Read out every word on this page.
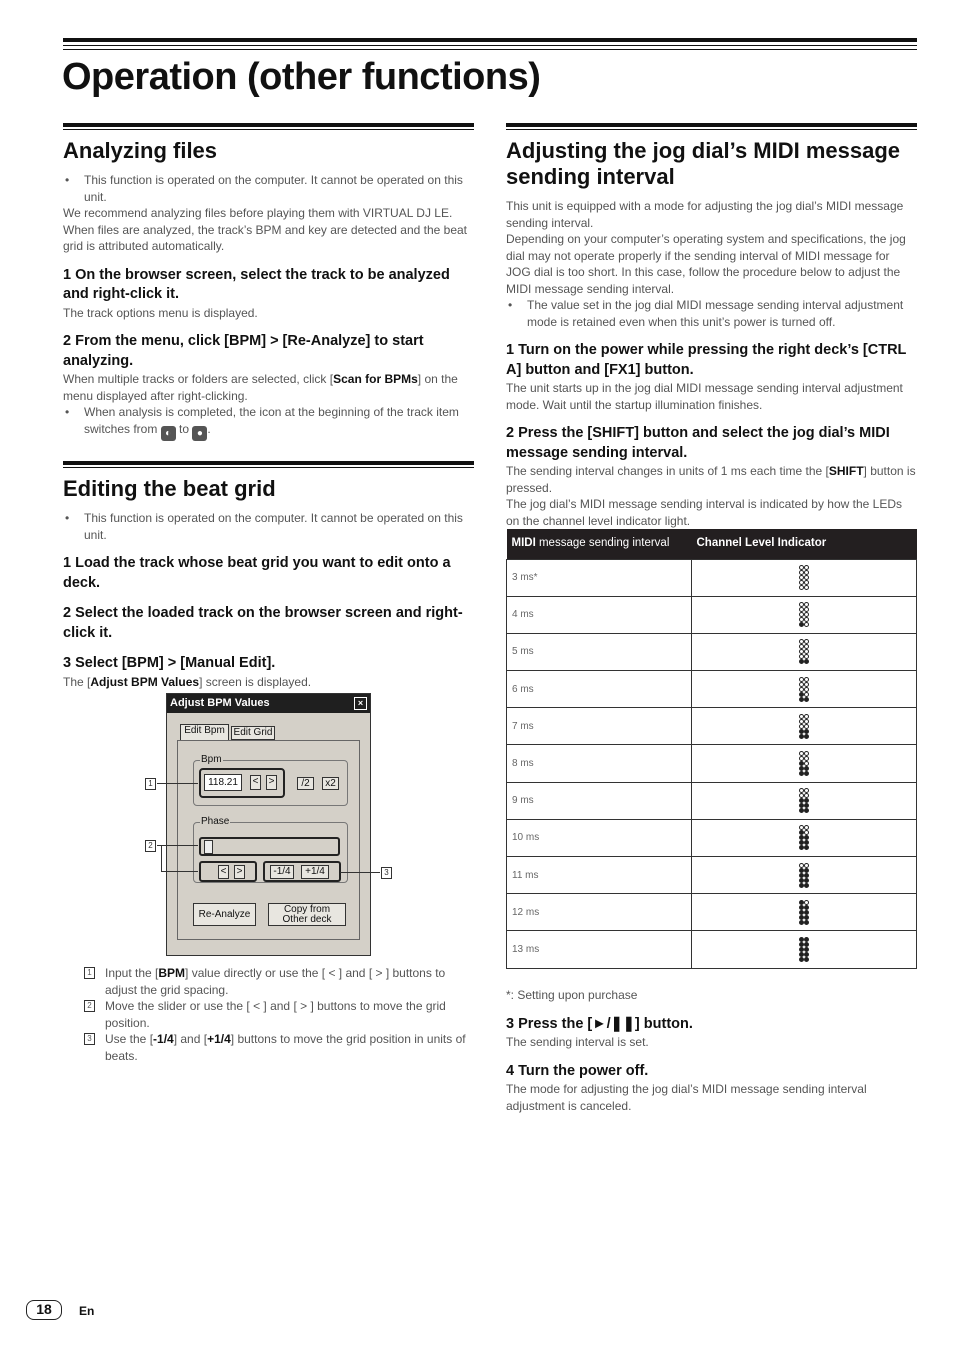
Operation (other functions)
Analyzing files
• This function is operated on the computer. It cannot be operated on this unit.

We recommend analyzing files before playing them with VIRTUAL DJ LE. When files are analyzed, the track’s BPM and key are detected and the beat grid is attributed automatically.

1 On the browser screen, select the track to be analyzed and right-click it.

The track options menu is displayed.

2 From the menu, click [BPM] > [Re-Analyze] to start analyzing.

When multiple tracks or folders are selected, click [Scan for BPMs] on the menu displayed after right-clicking.

• When analysis is completed, the icon at the beginning of the track item switches from ◐ to ● .
Editing the beat grid
• This function is operated on the computer. It cannot be operated on this unit.
1 Load the track whose beat grid you want to edit onto a deck.
2 Select the loaded track on the browser screen and right-click it.
3 Select [BPM] > [Manual Edit].

The [Adjust BPM Values] screen is displayed.

Adjust BPM Values	×
Edit Bpm Edit Grid
Bpm
118.21	< >	/2	x2
Phase
< >	-1/4	+1/4
Re-Analyze	Copy from
Other deck
1
2
3
1 Input the [BPM] value directly or use the [ < ] and [ > ] buttons to adjust the grid spacing.
2 Move the slider or use the [ < ] and [ > ] buttons to move the grid position.
3 Use the [-1/4] and [+1/4] buttons to move the grid position in units of beats.
Adjusting the jog dial’s MIDI message sending interval

This unit is equipped with a mode for adjusting the jog dial’s MIDI message sending interval.

Depending on your computer’s operating system and specifications, the jog dial may not operate properly if the sending interval of MIDI message for JOG dial is too short. In this case, follow the procedure below to adjust the MIDI message sending interval.

• The value set in the jog dial MIDI message sending interval adjustment mode is retained even when this unit’s power is turned off.
1 Turn on the power while pressing the right deck’s [CTRL A] button and [FX1] button.

The unit starts up in the jog dial MIDI message sending interval adjustment mode. Wait until the startup illumination finishes.

2 Press the [SHIFT] button and select the jog dial’s MIDI message sending interval.

The sending interval changes in units of 1 ms each time the [SHIFT] button is pressed.

The jog dial’s MIDI message sending interval is indicated by how the LEDs on the channel level indicator light.

MIDI message sending interval	Channel Level Indicator
3 ms*	

4 ms	

5 ms	

6 ms	

7 ms	

8 ms	

9 ms	

10 ms	

11 ms	

12 ms	

13 ms	

*: Setting upon purchase

3 Press the [►/❚❚] button.

The sending interval is set.

4 Turn the power off.

The mode for adjusting the jog dial’s MIDI message sending interval adjustment is canceled.

18	En
